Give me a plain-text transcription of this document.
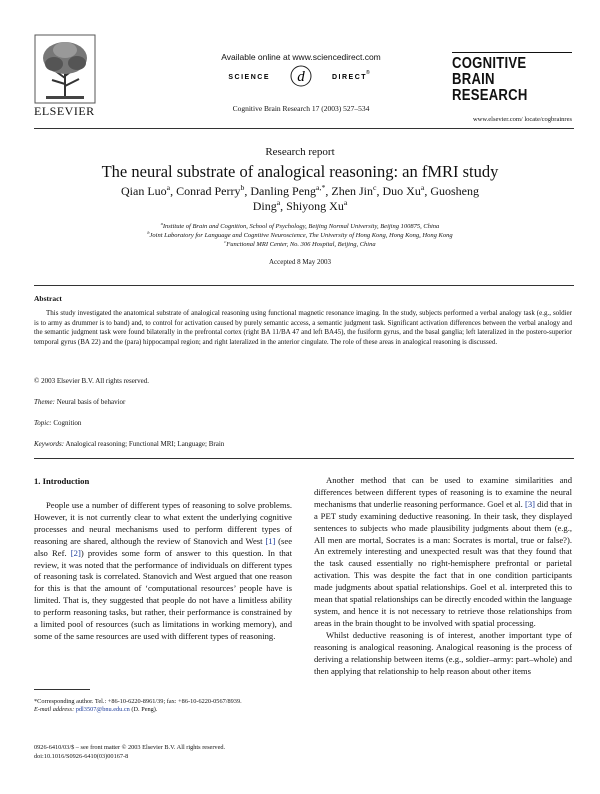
ELSEVIER
Available online at www.sciencedirect.com
SCIENCE d	DIRECT
®
Cognitive Brain Research 17 (2003) 527–534
COGNITIVE
BRAIN
RESEARCH
www.elsevier.com/ locate/cogbrainres
Research report
The neural substrate of analogical reasoning: an fMRI study
Qian Luo$^a$, Conrad Perry$^b$, Danling Peng$^{a,*}$, Zhen Jin$^c$, Duo Xu$^a$, Guosheng Ding$^a$, Shiyong Xu$^a$
$^a$Institute of Brain and Cognition, School of Psychology, Beijing Normal University, Beijing 100875, China
$^b$Joint Laboratory for Language and Cognitive Neuroscience, The University of Hong Kong, Hong Kong, Hong Kong
$^c$Functional MRI Center, No. 306 Hospital, Beijing, China
Accepted 8 May 2003
Abstract
This study investigated the anatomical substrate of analogical reasoning using functional magnetic resonance imaging. In the study, subjects performed a verbal analogy task (e.g., soldier is to army as drummer is to band) and, to control for activation caused by purely semantic access, a semantic judgment task. Significant activation differences between the verbal analogy and the semantic judgment task were found bilaterally in the prefrontal cortex (right BA 11/BA 47 and left BA45), the fusiform gyrus, and the basal ganglia; left lateralized in the postero-superior temporal gyrus (BA 22) and the (para) hippocampal region; and right lateralized in the anterior cingulate. The role of these areas in analogical reasoning is discussed.
© 2003 Elsevier B.V. All rights reserved.
Theme: Neural basis of behavior
Topic: Cognition
Keywords: Analogical reasoning; Functional MRI; Language; Brain
1. Introduction

People use a number of different types of reasoning to solve problems. However, it is not currently clear to what extent the underlying cognitive processes and neural mechanisms used to perform different types of reasoning are shared, although the review of Stanovich and West [1] (see also Ref. [2]) provides some form of answer to this question. In that review, it was noted that the performance of individuals on different types of reasoning task is correlated. Stanovich and West argued that one reason for this is that the amount of ‘computational resources’ people have is limited. That is, they suggested that people do not have a limitless ability to perform reasoning tasks, but rather, their performance is constrained by a limited pool of resources (such as limitations in working memory), and some of the same resources are used with different types of reasoning.

Another method that can be used to examine similarities and differences between different types of reasoning is to examine the neural mechanisms that underlie reasoning performance. Goel et al. [3] did that in a PET study examining deductive reasoning. In their task, they displayed sentences to subjects who made plausibility judgments about them (e.g., All men are mortal, Socrates is a man: Socrates is mortal, true or false?). An extremely interesting and unexpected result was that they found that the task caused essentially no right-hemisphere prefrontal or parietal activation. This was despite the fact that in one condition participants made judgments about spatial relationships. Goel et al. interpreted this to mean that spatial relationships can be directly encoded within the language system, and hence it is not necessary to retrieve those relationships from areas in the brain thought to be involved with spatial processing.

Whilst deductive reasoning is of interest, another important type of reasoning is analogical reasoning. Analogical reasoning is the process of deriving a relationship between items (e.g., soldier–army: part–whole) and then applying that relationship to help reason about other items

*Corresponding author. Tel.: +86-10-6220-8961/39; fax: +86-10-6220-0567/8939.
E-mail address: pdl3507@bnu.edu.cn (D. Peng).
0926-6410/03/$ – see front matter © 2003 Elsevier B.V. All rights reserved.
doi:10.1016/S0926-6410(03)00167-8
